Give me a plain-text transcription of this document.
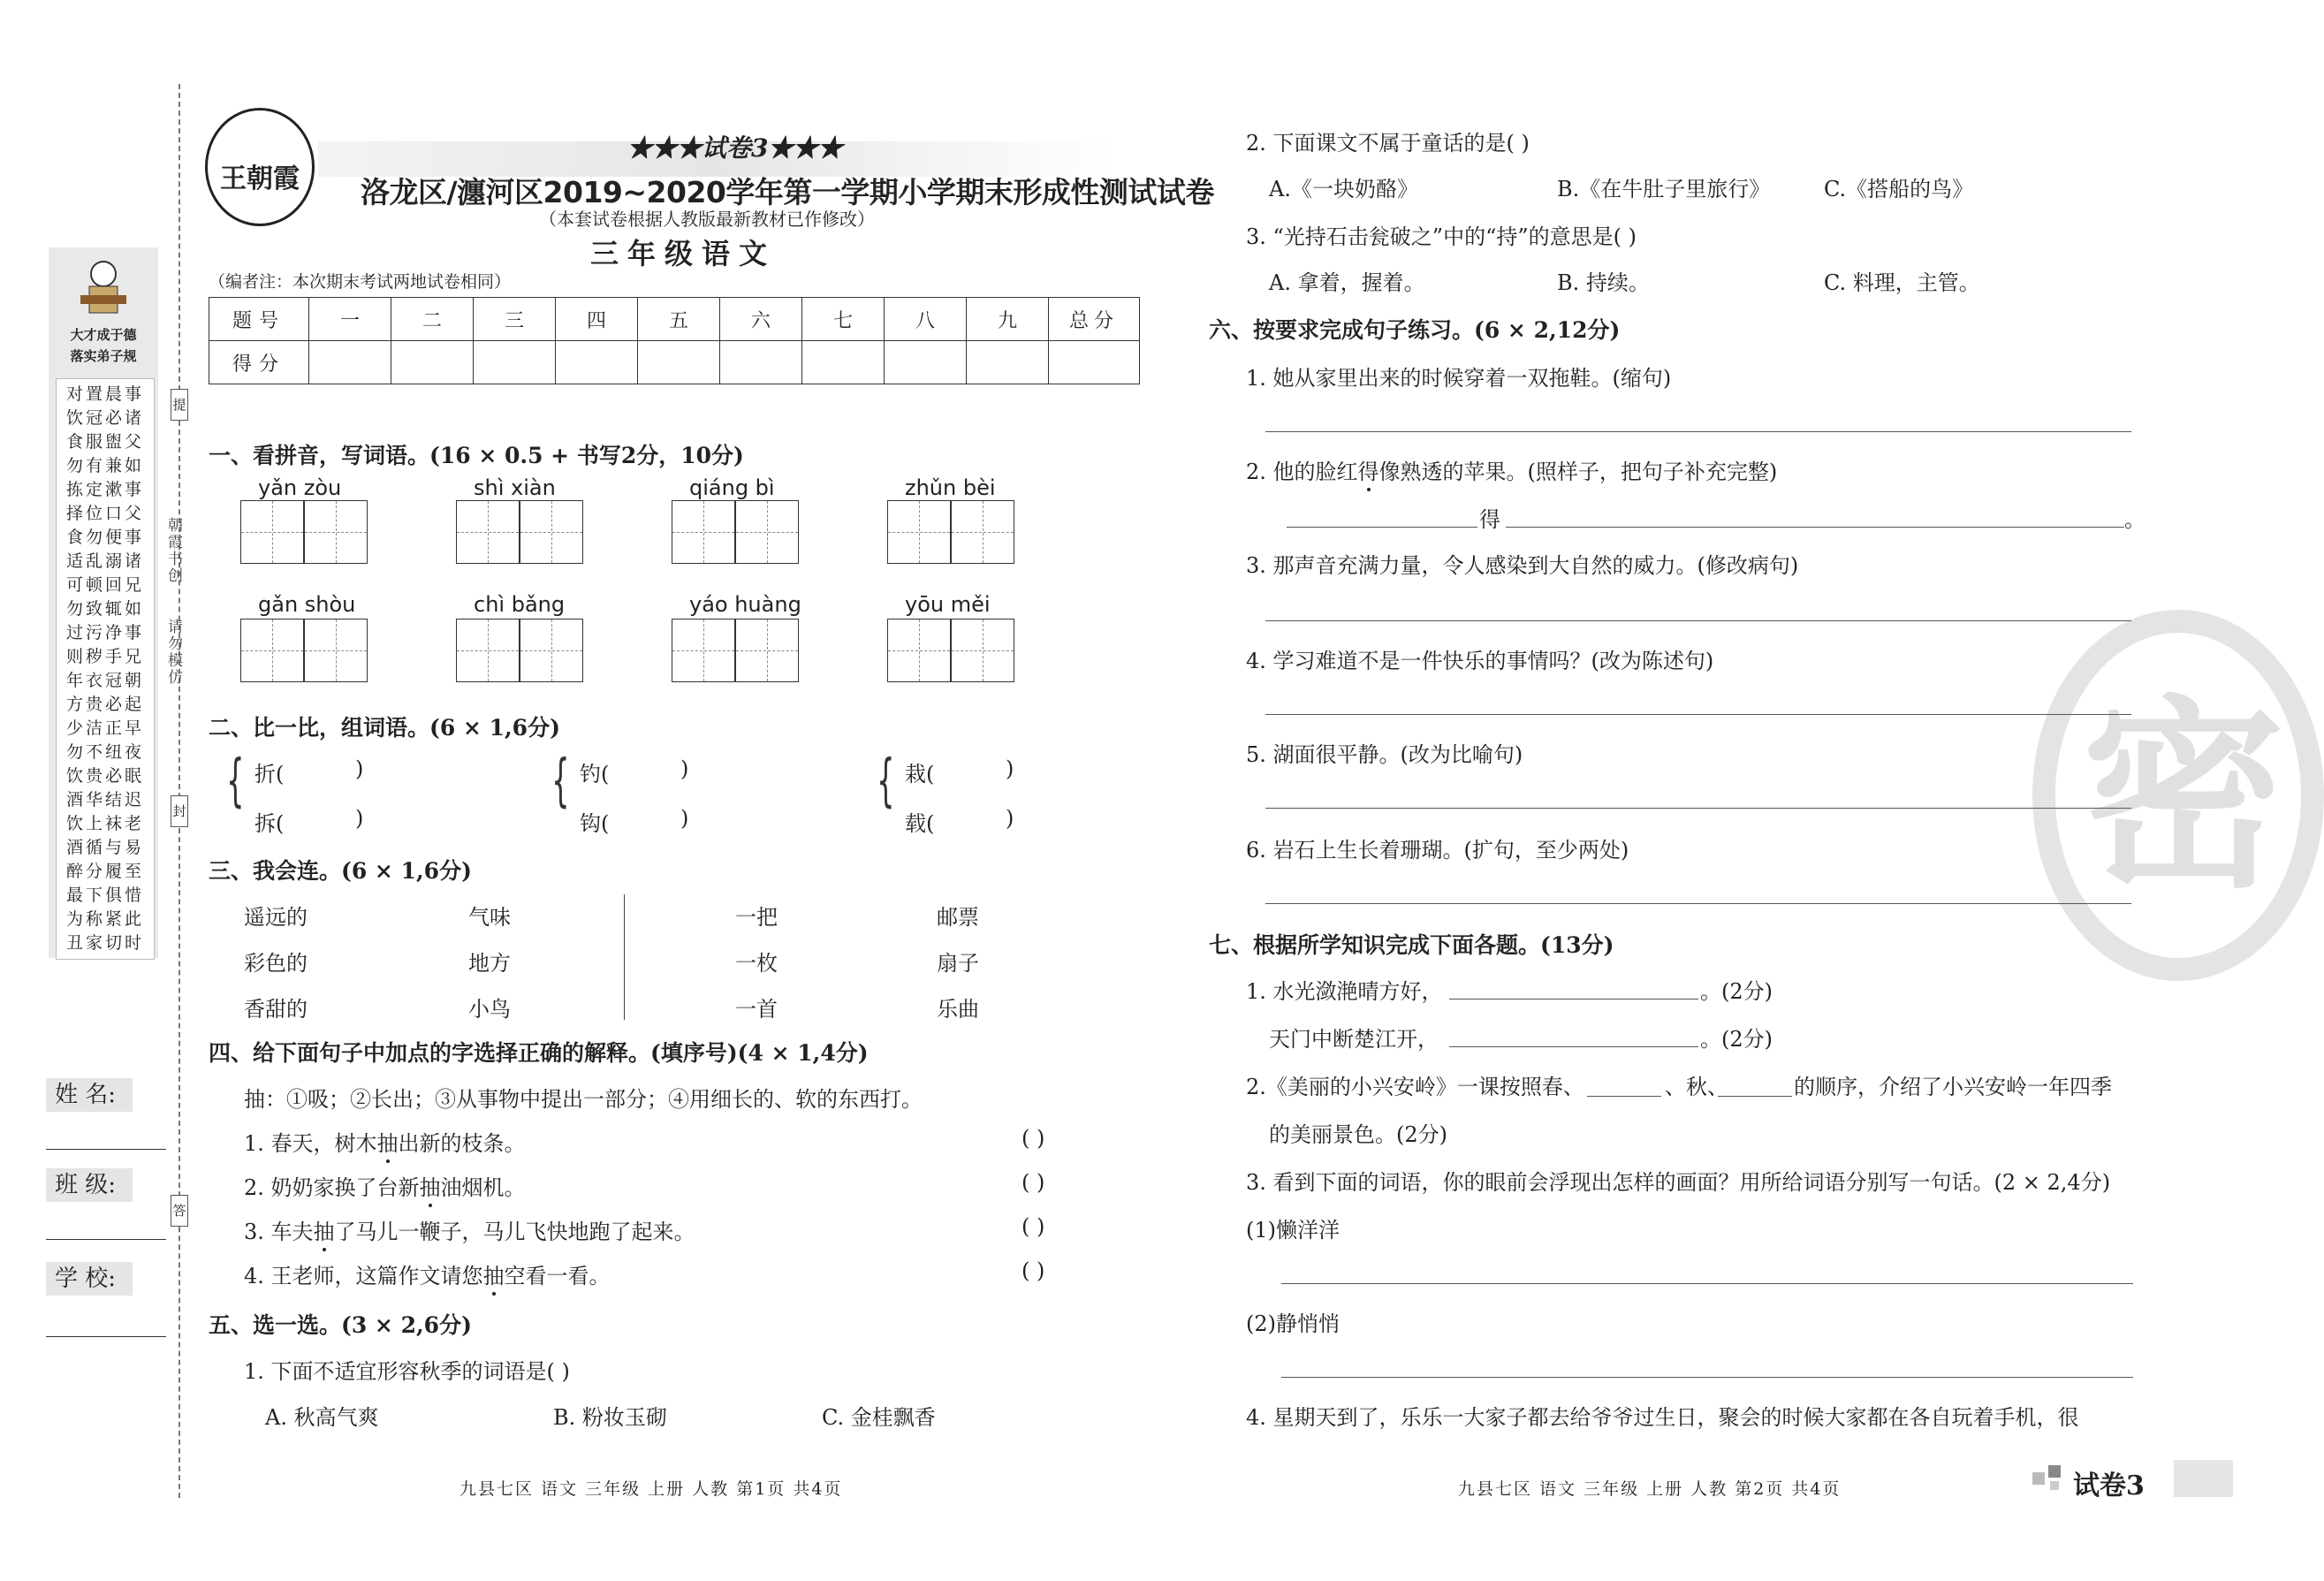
提
封
答
朝霞书创
请勿模仿
大才成于德
落实弟子规
对置晨事
饮冠必诸
食服盥父
勿有兼如
拣定漱事
择位口父
食勿便事
适乱溺诸
可顿回兄
勿致辄如
过污净事
则秽手兄
年衣冠朝
方贵必起
少洁正早
勿不纽夜
饮贵必眠
酒华结迟
饮上袜老
酒循与易
醉分履至
最下俱惜
为称紧此
丑家切时
姓 名:
班 级:
学 校:
王朝霞
★★★试卷3★★★
洛龙区/瀍河区2019~2020学年第一学期小学期末形成性测试试卷
（本套试卷根据人教版最新教材已作修改）
三年级语文
（编者注：本次期末考试两地试卷相同）
题号	一	二	三	四	五	六	七	八	九	总分
得分										
一、看拼音，写词语。(16 × 0.5 + 书写2分，10分)
yǎn zòu	shì xiàn	qiáng bì	zhǔn bèi
gǎn shòu	chì bǎng	yáo huàng	yōu měi
二、比一比，组词语。(6 × 1,6分)
{ 折(	)
拆(	)
{ 钓(	)
钩(	)
{ 栽(	)
载(	)
三、我会连。(6 × 1,6分)
遥远的
彩色的
香甜的
气味
地方
小鸟
一把
一枚
一首
邮票
扇子
乐曲
四、给下面句子中加点的字选择正确的解释。(填序号)(4 × 1,4分)
抽：①吸；②长出；③从事物中提出一部分；④用细长的、软的东西打。
1. 春天，树木抽出新的枝条。	( )
2. 奶奶家换了台新抽油烟机。	( )
3. 车夫抽了马儿一鞭子，马儿飞快地跑了起来。	( )
4. 王老师，这篇作文请您抽空看一看。	( )
五、选一选。(3 × 2,6分)
1. 下面不适宜形容秋季的词语是( )
A. 秋高气爽	B. 粉妆玉砌	C. 金桂飘香
2. 下面课文不属于童话的是( )
A.《一块奶酪》	B.《在牛肚子里旅行》	C.《搭船的鸟》
3. “光持石击瓮破之”中的“持”的意思是( )
A. 拿着，握着。	B. 持续。	C. 料理，主管。
密
六、按要求完成句子练习。(6 × 2,12分)
1. 她从家里出来的时候穿着一双拖鞋。(缩句)
2. 他的脸红得像熟透的苹果。(照样子，把句子补充完整)
得	。
3. 那声音充满力量，令人感染到大自然的威力。(修改病句)
4. 学习难道不是一件快乐的事情吗？(改为陈述句)
5. 湖面很平静。(改为比喻句)
6. 岩石上生长着珊瑚。(扩句，至少两处)
七、根据所学知识完成下面各题。(13分)
1. 水光潋滟晴方好，	。(2分)
天门中断楚江开，	。(2分)
2.《美丽的小兴安岭》一课按照春、	、秋、	的顺序，介绍了小兴安岭一年四季
的美丽景色。(2分)
3. 看到下面的词语，你的眼前会浮现出怎样的画面？用所给词语分别写一句话。(2 × 2,4分)
(1)懒洋洋
(2)静悄悄
4. 星期天到了，乐乐一大家子都去给爷爷过生日，聚会的时候大家都在各自玩着手机，很
九县七区 语文 三年级 上册 人教 第1页 共4页	九县七区 语文 三年级 上册 人教 第2页 共4页	试卷3
